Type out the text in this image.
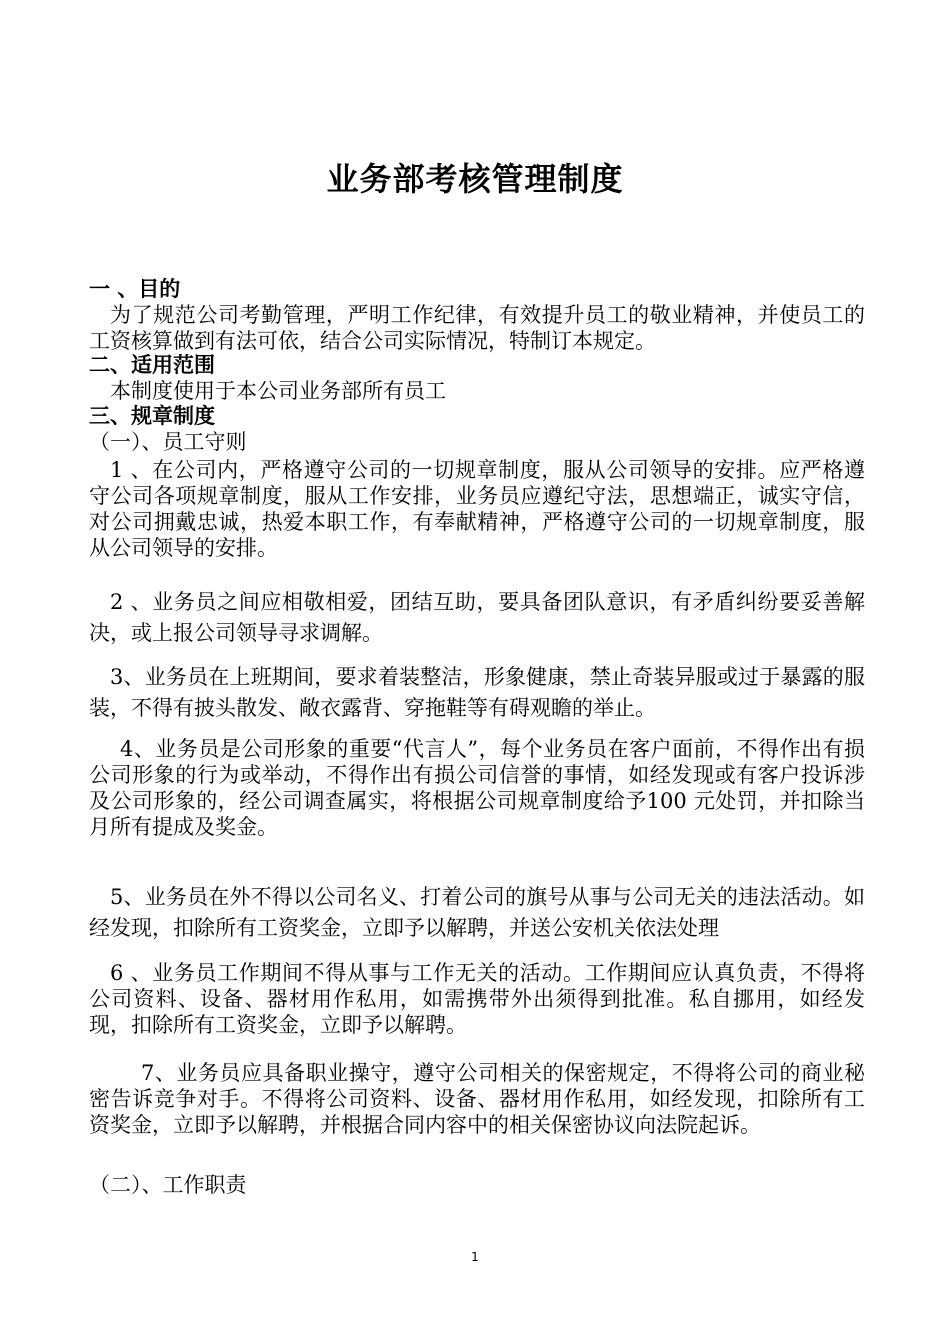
业务部考核管理制度
一 、目的
为了规范公司考勤管理，严明工作纪律，有效提升员工的敬业精神，并使员工的工资核算做到有法可依，结合公司实际情况，特制订本规定。
二、适用范围
本制度使用于本公司业务部所有员工
三、规章制度
（一）、员工守则
1 、在公司内，严格遵守公司的一切规章制度，服从公司领导的安排。应严格遵守公司各项规章制度，服从工作安排，业务员应遵纪守法，思想端正，诚实守信，对公司拥戴忠诚，热爱本职工作，有奉献精神，严格遵守公司的一切规章制度，服从公司领导的安排。
2 、业务员之间应相敬相爱，团结互助，要具备团队意识，有矛盾纠纷要妥善解决，或上报公司领导寻求调解。
3、业务员在上班期间，要求着装整洁，形象健康，禁止奇装异服或过于暴露的服装，不得有披头散发、敞衣露背、穿拖鞋等有碍观瞻的举止。
4、业务员是公司形象的重要“代言人”，每个业务员在客户面前，不得作出有损公司形象的行为或举动，不得作出有损公司信誉的事情，如经发现或有客户投诉涉及公司形象的，经公司调查属实，将根据公司规章制度给予100 元处罚，并扣除当月所有提成及奖金。
5、业务员在外不得以公司名义、打着公司的旗号从事与公司无关的违法活动。如经发现，扣除所有工资奖金，立即予以解聘，并送公安机关依法处理
6 、业务员工作期间不得从事与工作无关的活动。工作期间应认真负责，不得将公司资料、设备、器材用作私用，如需携带外出须得到批准。私自挪用，如经发现，扣除所有工资奖金，立即予以解聘。
7、业务员应具备职业操守，遵守公司相关的保密规定，不得将公司的商业秘密告诉竞争对手。不得将公司资料、设备、器材用作私用，如经发现，扣除所有工资奖金，立即予以解聘，并根据合同内容中的相关保密协议向法院起诉。
（二）、工作职责
1
